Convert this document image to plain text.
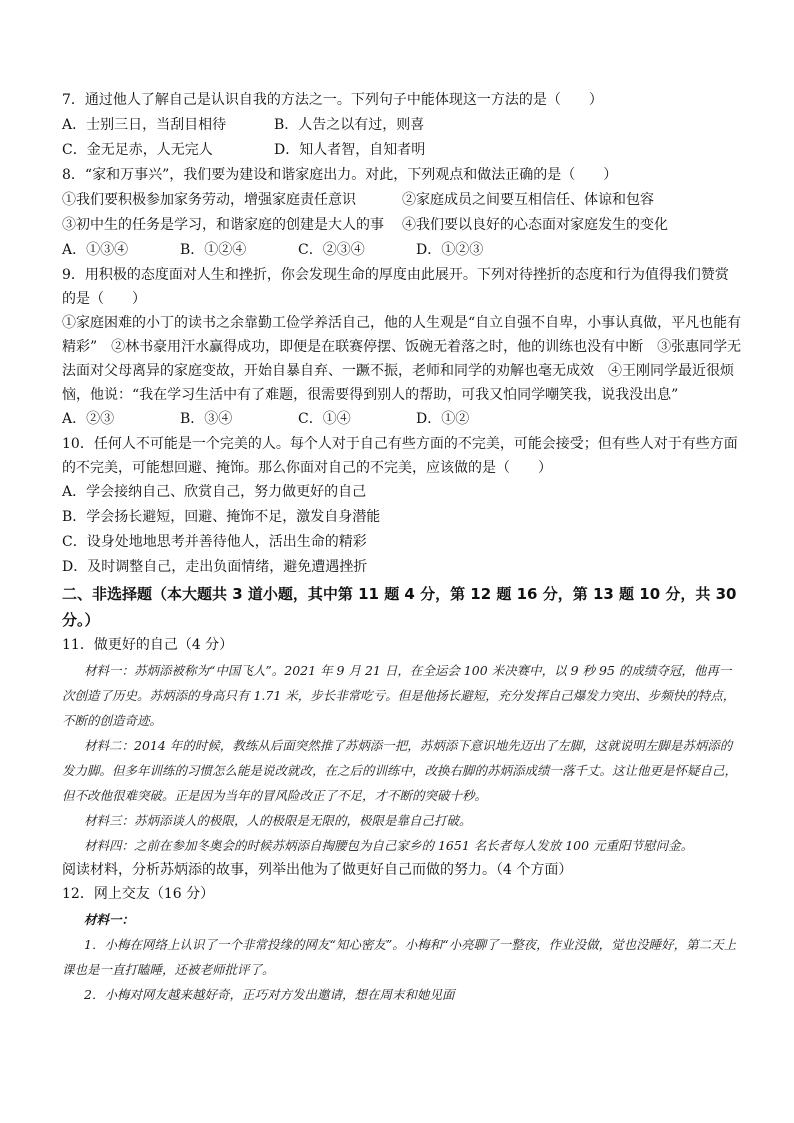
7．通过他人了解自己是认识自我的方法之一。下列句子中能体现这一方法的是（　　）
A．士别三日，当刮目相待	B．人告之以有过，则喜
C．金无足赤，人无完人	D．知人者智，自知者明
8．“家和万事兴”，我们要为建设和谐家庭出力。对此，下列观点和做法正确的是（　　）
①我们要积极参加家务劳动，增强家庭责任意识	②家庭成员之间要互相信任、体谅和包容
③初中生的任务是学习，和谐家庭的创建是大人的事	④我们要以良好的心态面对家庭发生的变化
A．①③④	B．①②④	C．②③④	D．①②③
9．用积极的态度面对人生和挫折，你会发现生命的厚度由此展开。下列对待挫折的态度和行为值得我们赞赏的是（　　）
①家庭困难的小丁的读书之余靠勤工俭学养活自己，他的人生观是“自立自强不自卑，小事认真做，平凡也能有精彩”　②林书豪用汗水赢得成功，即便是在联赛停摆、饭碗无着落之时，他的训练也没有中断　③张惠同学无法面对父母离异的家庭变故，开始自暴自弃、一蹶不振，老师和同学的劝解也毫无成效　④王刚同学最近很烦恼，他说：“我在学习生活中有了难题，很需要得到别人的帮助，可我又怕同学嘲笑我，说我没出息”
A．②③	B．③④	C．①④	D．①②
10．任何人不可能是一个完美的人。每个人对于自己有些方面的不完美，可能会接受；但有些人对于有些方面的不完美，可能想回避、掩饰。那么你面对自己的不完美，应该做的是（　　）
A．学会接纳自己、欣赏自己，努力做更好的自己
B．学会扬长避短，回避、掩饰不足，激发自身潜能
C．设身处地地思考并善待他人，活出生命的精彩
D．及时调整自己，走出负面情绪，避免遭遇挫折
二、非选择题（本大题共 3 道小题，其中第 11 题 4 分，第 12 题 16 分，第 13 题 10 分，共 30 分。）
11．做更好的自己（4 分）
材料一：苏炳添被称为“中国飞人”。2021 年 9 月 21 日，在全运会 100 米决赛中，以 9 秒 95 的成绩夺冠，他再一次创造了历史。苏炳添的身高只有 1.71 米，步长非常吃亏。但是他扬长避短，充分发挥自己爆发力突出、步频快的特点，不断的创造奇迹。
材料二：2014 年的时候，教练从后面突然推了苏炳添一把，苏炳添下意识地先迈出了左脚，这就说明左脚是苏炳添的发力脚。但多年训练的习惯怎么能是说改就改，在之后的训练中，改换右脚的苏炳添成绩一落千丈。这让他更是怀疑自己，但不改他很难突破。正是因为当年的冒风险改正了不足，才不断的突破十秒。
材料三：苏炳添谈人的极限，人的极限是无限的，极限是靠自己打破。
材料四：之前在参加冬奥会的时候苏炳添自掏腰包为自己家乡的 1651 名长者每人发放 100 元重阳节慰问金。
阅读材料，分析苏炳添的故事，列举出他为了做更好自己而做的努力。（4 个方面）
12．网上交友（16 分）
材料一：
1．小梅在网络上认识了一个非常投缘的网友“知心密友”。小梅和“小亮聊了一整夜，作业没做，觉也没睡好，第二天上课也是一直打瞌睡，还被老师批评了。
2．小梅对网友越来越好奇，正巧对方发出邀请，想在周末和她见面
